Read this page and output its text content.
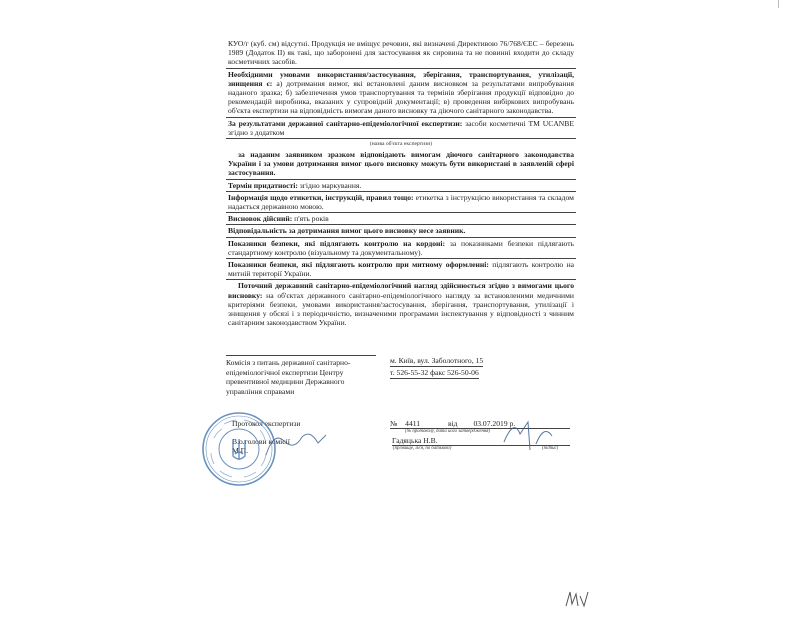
КУО/г (куб. см) відсутні. Продукція не вміщує речовин, які визначені Директивою 76/768/ЄЕС – березень 1989 (Додаток II) як такі, що заборонені для застосування як сировина та не повинні входити до складу косметичних засобів.
Необхідними умовами використання/застосування, зберігання, транспортування, утилізації, знищення є: а) дотримання вимог, які встановлені даним висновком за результатами випробування наданого зразка; б) забезпечення умов транспортування та термінів зберігання продукції відповідно до рекомендацій виробника, вказаних у супровідній документації; в) проведення вибіркових випробувань об'єкта експертизи на відповідність вимогам даного висновку та діючого санітарного законодавства.
За результатами державної санітарно-епідеміологічної експертизи: засоби косметичні TM UCANBE згідно з додатком
(назва об'єкта експертизи)
за наданим заявником зразком відповідають вимогам діючого санітарного законодавства України і за умови дотримання вимог цього висновку можуть бути використані в заявленій сфері застосування.
Термін придатності: згідно маркування.
Інформація щодо етикетки, інструкцій, правил тощо: етикетка з інструкцією використання та складом надається державною мовою.
Висновок дійсний: п'ять років
Відповідальність за дотримання вимог цього висновку несе заявник.
Показники безпеки, які підлягають контролю на кордоні: за показниками безпеки підлягають стандартному контролю (візуальному та документальному).
Показники безпеки, які підлягають контролю при митному оформленні: підлягають контролю на митній території України.
Поточний державний санітарно-епідеміологічний нагляд здійснюється згідно з вимогами цього висновку: на об'єктах державного санітарно-епідеміологічного нагляду за встановленими медичними критеріями безпеки, умовами використання/застосування, зберігання, транспортування, утилізації і знищення у обсязі і з періодичністю, визначеними програмами інспектування у відповідності з чинним санітарним законодавством України.
Комісія з питань державної санітарно-епідеміологічної експертизи Центру превентивної медицини Державного управління справами
м. Київ, вул. Заболотного, 15
т. 526-55-32 факс 526-50-06
Протокол експертизи
В.о.голови комісії
М.П.
№ 4411	від 03.07.2019 р.
(№ протоколу, дата його затвердження)
Гадяцька Н.В.
(прізвище, ім'я, по батькові)	(підпис)
